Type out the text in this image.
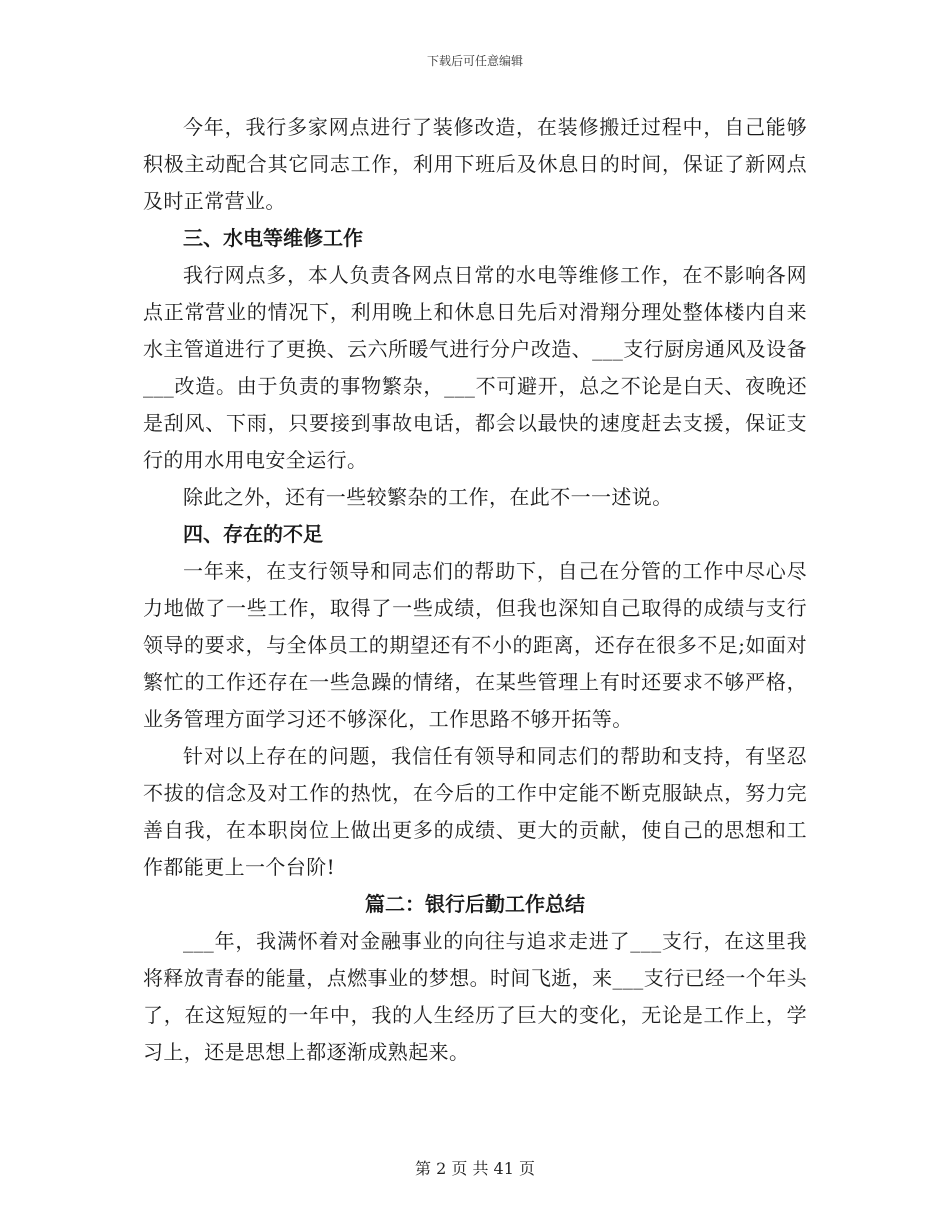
下载后可任意编辑

今年，我行多家网点进行了装修改造，在装修搬迁过程中，自己能够积极主动配合其它同志工作，利用下班后及休息日的时间，保证了新网点及时正常营业。

三、水电等维修工作

我行网点多，本人负责各网点日常的水电等维修工作，在不影响各网点正常营业的情况下，利用晚上和休息日先后对滑翔分理处整体楼内自来水主管道进行了更换、云六所暖气进行分户改造、___支行厨房通风及设备___改造。由于负责的事物繁杂，___不可避开，总之不论是白天、夜晚还是刮风、下雨，只要接到事故电话，都会以最快的速度赶去支援，保证支行的用水用电安全运行。

除此之外，还有一些较繁杂的工作，在此不一一述说。

四、存在的不足

一年来，在支行领导和同志们的帮助下，自己在分管的工作中尽心尽力地做了一些工作，取得了一些成绩，但我也深知自己取得的成绩与支行领导的要求，与全体员工的期望还有不小的距离，还存在很多不足;如面对繁忙的工作还存在一些急躁的情绪，在某些管理上有时还要求不够严格，业务管理方面学习还不够深化，工作思路不够开拓等。

针对以上存在的问题，我信任有领导和同志们的帮助和支持，有坚忍不拔的信念及对工作的热忱，在今后的工作中定能不断克服缺点，努力完善自我，在本职岗位上做出更多的成绩、更大的贡献，使自己的思想和工作都能更上一个台阶!

篇二：银行后勤工作总结

___年，我满怀着对金融事业的向往与追求走进了___支行，在这里我将释放青春的能量，点燃事业的梦想。时间飞逝，来___支行已经一个年头了，在这短短的一年中，我的人生经历了巨大的变化，无论是工作上，学习上，还是思想上都逐渐成熟起来。

第 2 页 共 41 页
